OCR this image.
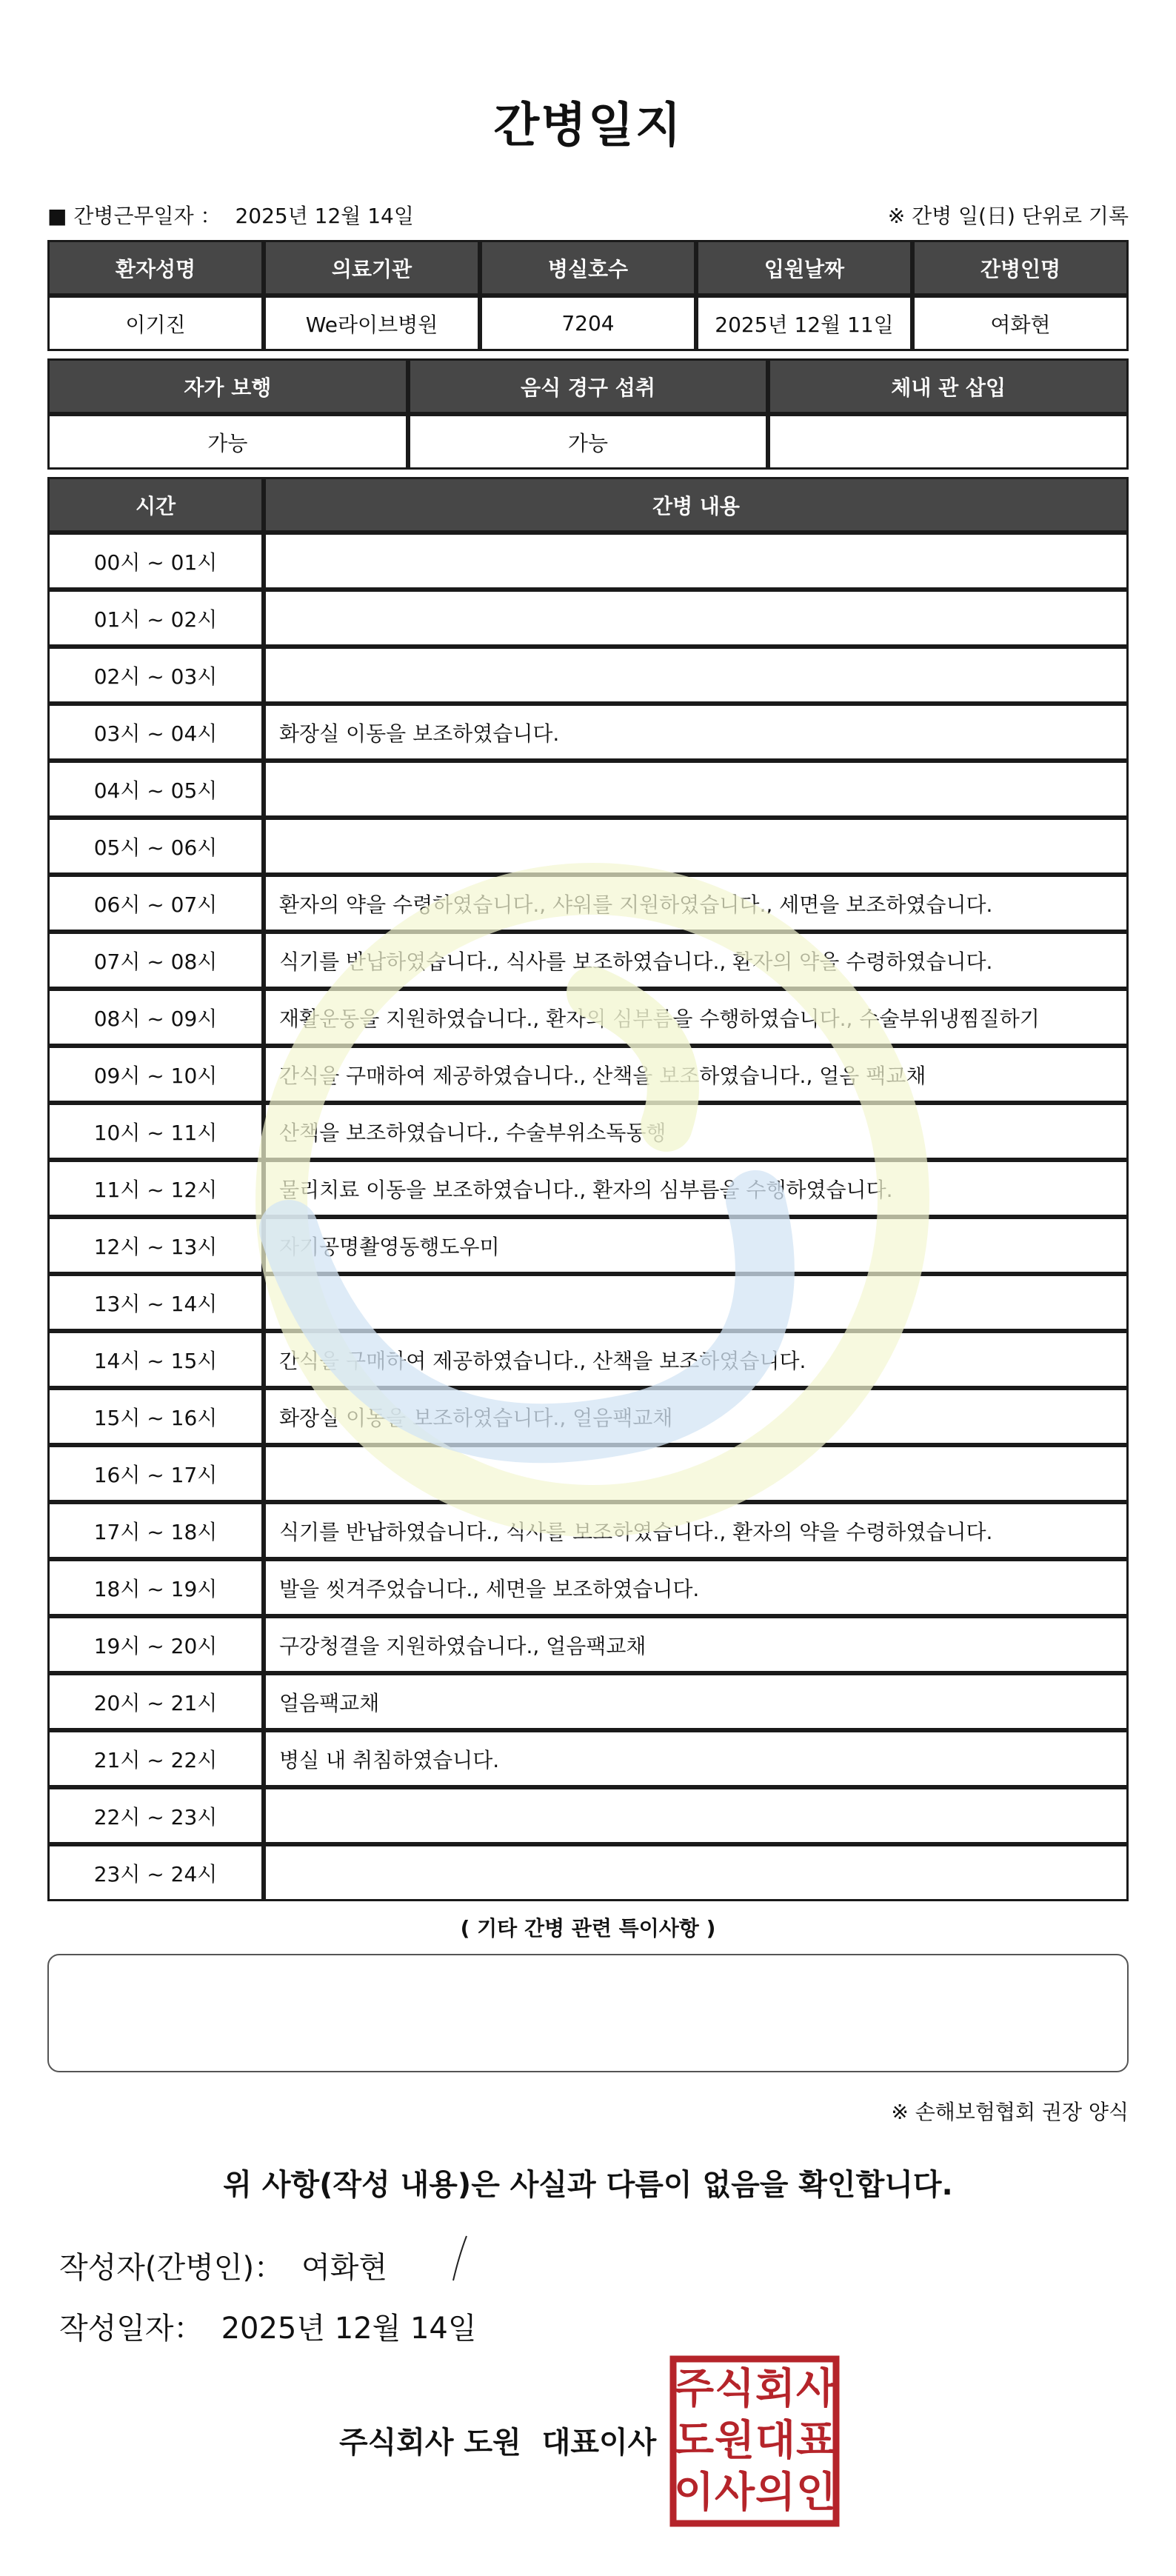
간병일지
■ 간병근무일자 ： 2025년 12월 14일	※ 간병 일(日) 단위로 기록
환자성명	의료기관	병실호수	입원날짜	간병인명
이기진	We라이브병원	7204	2025년 12월 11일	여화현
자가 보행	음식 경구 섭취	체내 관 삽입
가능	가능	
시간	간병 내용
00시 ~ 01시	
01시 ~ 02시	
02시 ~ 03시	
03시 ~ 04시	화장실 이동을 보조하였습니다.
04시 ~ 05시	
05시 ~ 06시	
06시 ~ 07시	환자의 약을 수령하였습니다., 샤워를 지원하였습니다., 세면을 보조하였습니다.
07시 ~ 08시	식기를 반납하였습니다., 식사를 보조하였습니다., 환자의 약을 수령하였습니다.
08시 ~ 09시	재활운동을 지원하였습니다., 환자의 심부름을 수행하였습니다., 수술부위냉찜질하기
09시 ~ 10시	간식을 구매하여 제공하였습니다., 산책을 보조하였습니다., 얼음 팩교채
10시 ~ 11시	산책을 보조하였습니다., 수술부위소독동행
11시 ~ 12시	물리치료 이동을 보조하였습니다., 환자의 심부름을 수행하였습니다.
12시 ~ 13시	자기공명촬영동행도우미
13시 ~ 14시	
14시 ~ 15시	간식을 구매하여 제공하였습니다., 산책을 보조하였습니다.
15시 ~ 16시	화장실 이동을 보조하였습니다., 얼음팩교채
16시 ~ 17시	
17시 ~ 18시	식기를 반납하였습니다., 식사를 보조하였습니다., 환자의 약을 수령하였습니다.
18시 ~ 19시	발을 씻겨주었습니다., 세면을 보조하였습니다.
19시 ~ 20시	구강청결을 지원하였습니다., 얼음팩교채
20시 ~ 21시	얼음팩교채
21시 ~ 22시	병실 내 취침하였습니다.
22시 ~ 23시	
23시 ~ 24시	
( 기타 간병 관련 특이사항 )
※ 손해보험협회 권장 양식
위 사항(작성 내용)은 사실과 다름이 없음을 확인합니다.
작성자(간병인)： 여화현
작성일자： 2025년 12월 14일
주식회사 도원 대표이사
주 식 회 사
도 원 대 표
이 사 의 인
